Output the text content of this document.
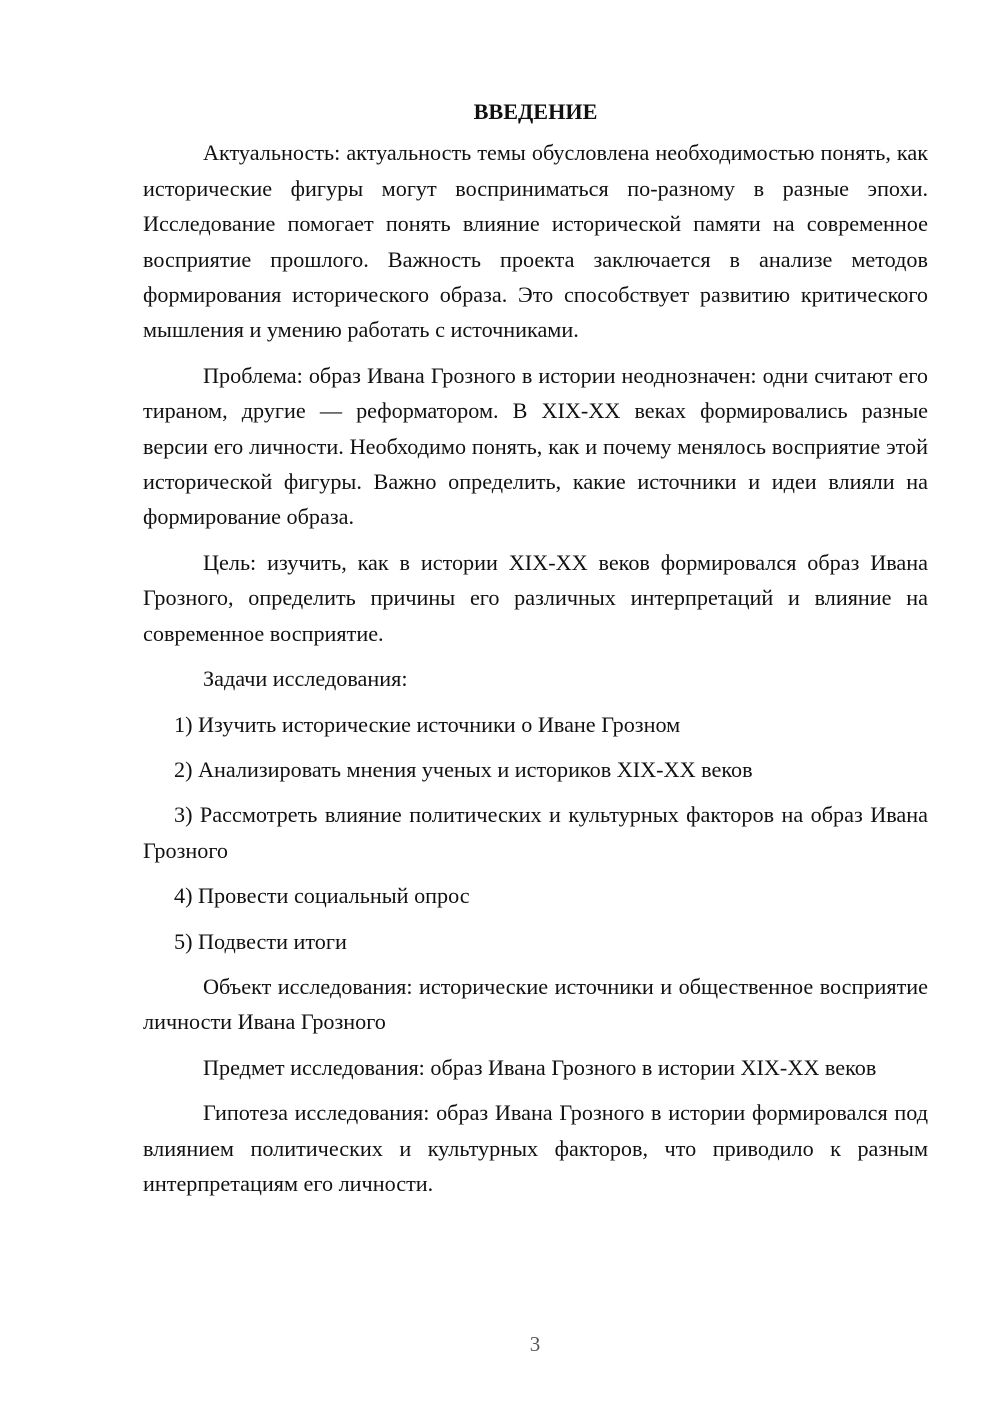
ВВЕДЕНИЕ

Актуальность: актуальность темы обусловлена необходимостью понять, как исторические фигуры могут восприниматься по-разному в разные эпохи. Исследование помогает понять влияние исторической памяти на современное восприятие прошлого. Важность проекта заключается в анализе методов формирования исторического образа. Это способствует развитию критического мышления и умению работать с источниками.

Проблема: образ Ивана Грозного в истории неоднозначен: одни считают его тираном, другие — реформатором. В XIX-XX веках формировались разные версии его личности. Необходимо понять, как и почему менялось восприятие этой исторической фигуры. Важно определить, какие источники и идеи влияли на формирование образа.

Цель: изучить, как в истории XIX-XX веков формировался образ Ивана Грозного, определить причины его различных интерпретаций и влияние на современное восприятие.

Задачи исследования:

1) Изучить исторические источники о Иване Грозном

2) Анализировать мнения ученых и историков XIX-XX веков

3) Рассмотреть влияние политических и культурных факторов на образ Ивана Грозного

4) Провести социальный опрос

5) Подвести итоги

Объект исследования: исторические источники и общественное восприятие личности Ивана Грозного

Предмет исследования: образ Ивана Грозного в истории XIX-XX веков

Гипотеза исследования: образ Ивана Грозного в истории формировался под влиянием политических и культурных факторов, что приводило к разным интерпретациям его личности.

3
